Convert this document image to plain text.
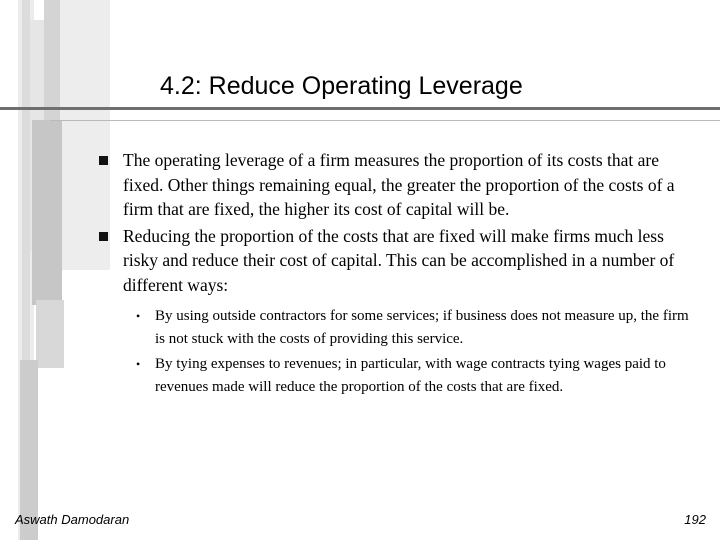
4.2: Reduce Operating Leverage
The operating leverage of a firm measures the proportion of its costs that are fixed. Other things remaining equal, the greater the proportion of the costs of a firm that are fixed, the higher its cost of capital will be.
Reducing the proportion of the costs that are fixed will make firms much less risky and reduce their cost of capital. This can be accomplished in a number of different ways:
• By using outside contractors for some services; if business does not measure up, the firm is not stuck with the costs of providing this service.
• By tying expenses to revenues; in particular, with wage contracts tying wages paid to revenues made will reduce the proportion of the costs that are fixed.
Aswath Damodaran	192
